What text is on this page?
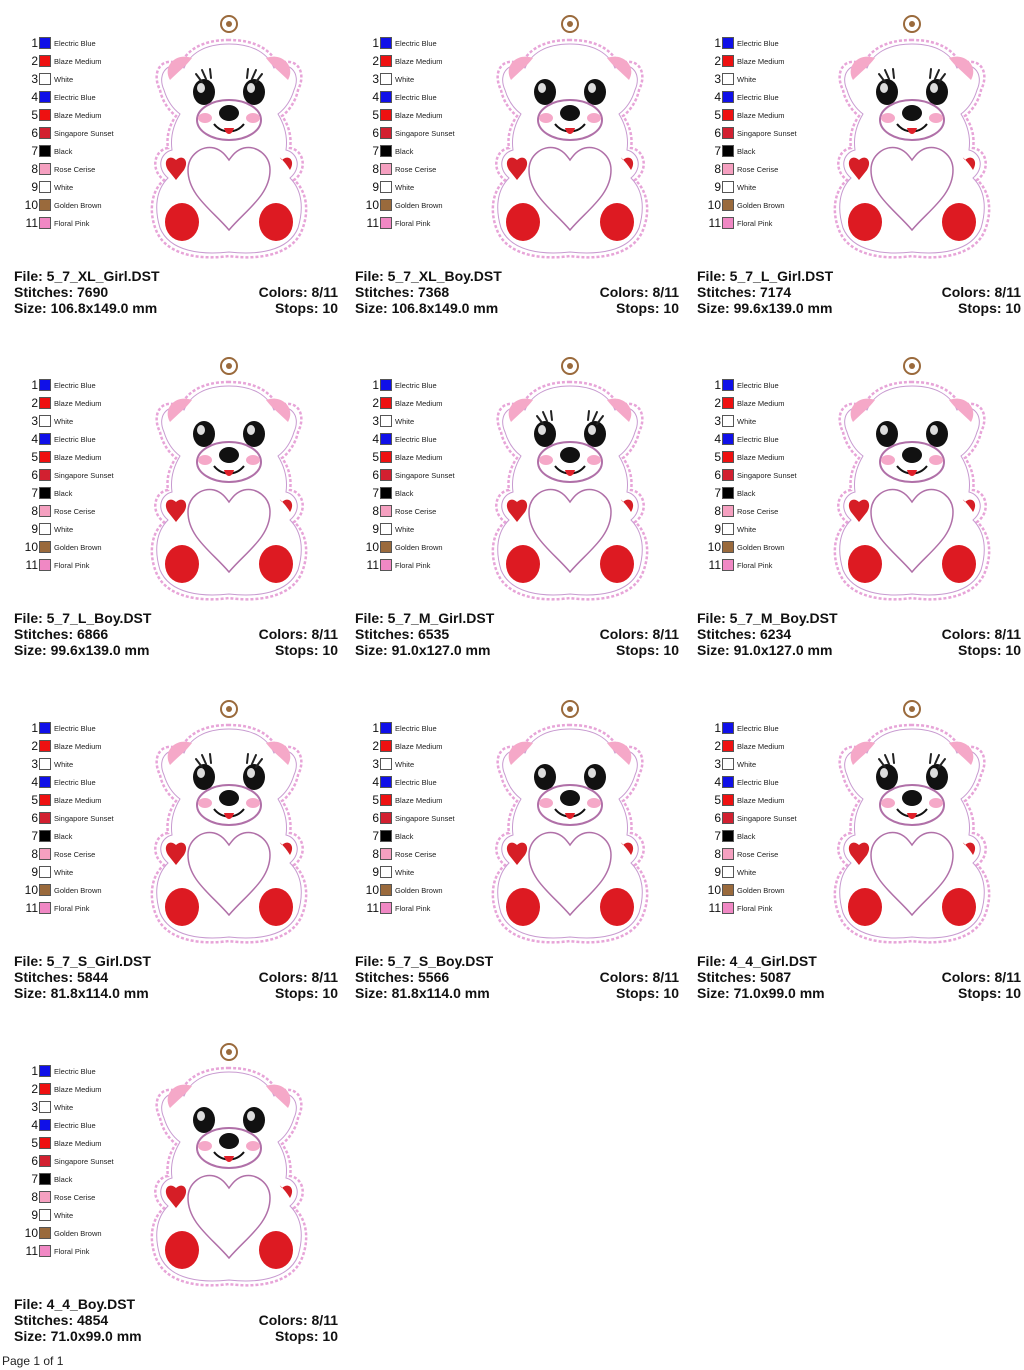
1 Electric Blue
2 Blaze Medium
3 White
4 Electric Blue
5 Blaze Medium
6 Singapore Sunset
7 Black
8 Rose Cerise
9 White
10 Golden Brown
11 Floral Pink
File: 5_7_XL_Girl.DST
Stitches: 7690
Size: 106.8x149.0 mm
Colors: 8/11
Stops: 10
1 Electric Blue
2 Blaze Medium
3 White
4 Electric Blue
5 Blaze Medium
6 Singapore Sunset
7 Black
8 Rose Cerise
9 White
10 Golden Brown
11 Floral Pink
File: 5_7_XL_Boy.DST
Stitches: 7368
Size: 106.8x149.0 mm
Colors: 8/11
Stops: 10
1 Electric Blue
2 Blaze Medium
3 White
4 Electric Blue
5 Blaze Medium
6 Singapore Sunset
7 Black
8 Rose Cerise
9 White
10 Golden Brown
11 Floral Pink
File: 5_7_L_Girl.DST
Stitches: 7174
Size: 99.6x139.0 mm
Colors: 8/11
Stops: 10
1 Electric Blue
2 Blaze Medium
3 White
4 Electric Blue
5 Blaze Medium
6 Singapore Sunset
7 Black
8 Rose Cerise
9 White
10 Golden Brown
11 Floral Pink
File: 5_7_L_Boy.DST
Stitches: 6866
Size: 99.6x139.0 mm
Colors: 8/11
Stops: 10
1 Electric Blue
2 Blaze Medium
3 White
4 Electric Blue
5 Blaze Medium
6 Singapore Sunset
7 Black
8 Rose Cerise
9 White
10 Golden Brown
11 Floral Pink
File: 5_7_M_Girl.DST
Stitches: 6535
Size: 91.0x127.0 mm
Colors: 8/11
Stops: 10
1 Electric Blue
2 Blaze Medium
3 White
4 Electric Blue
5 Blaze Medium
6 Singapore Sunset
7 Black
8 Rose Cerise
9 White
10 Golden Brown
11 Floral Pink
File: 5_7_M_Boy.DST
Stitches: 6234
Size: 91.0x127.0 mm
Colors: 8/11
Stops: 10
1 Electric Blue
2 Blaze Medium
3 White
4 Electric Blue
5 Blaze Medium
6 Singapore Sunset
7 Black
8 Rose Cerise
9 White
10 Golden Brown
11 Floral Pink
File: 5_7_S_Girl.DST
Stitches: 5844
Size: 81.8x114.0 mm
Colors: 8/11
Stops: 10
1 Electric Blue
2 Blaze Medium
3 White
4 Electric Blue
5 Blaze Medium
6 Singapore Sunset
7 Black
8 Rose Cerise
9 White
10 Golden Brown
11 Floral Pink
File: 5_7_S_Boy.DST
Stitches: 5566
Size: 81.8x114.0 mm
Colors: 8/11
Stops: 10
1 Electric Blue
2 Blaze Medium
3 White
4 Electric Blue
5 Blaze Medium
6 Singapore Sunset
7 Black
8 Rose Cerise
9 White
10 Golden Brown
11 Floral Pink
File: 4_4_Girl.DST
Stitches: 5087
Size: 71.0x99.0 mm
Colors: 8/11
Stops: 10
1 Electric Blue
2 Blaze Medium
3 White
4 Electric Blue
5 Blaze Medium
6 Singapore Sunset
7 Black
8 Rose Cerise
9 White
10 Golden Brown
11 Floral Pink
File: 4_4_Boy.DST
Stitches: 4854
Size: 71.0x99.0 mm
Colors: 8/11
Stops: 10
Page 1 of 1
